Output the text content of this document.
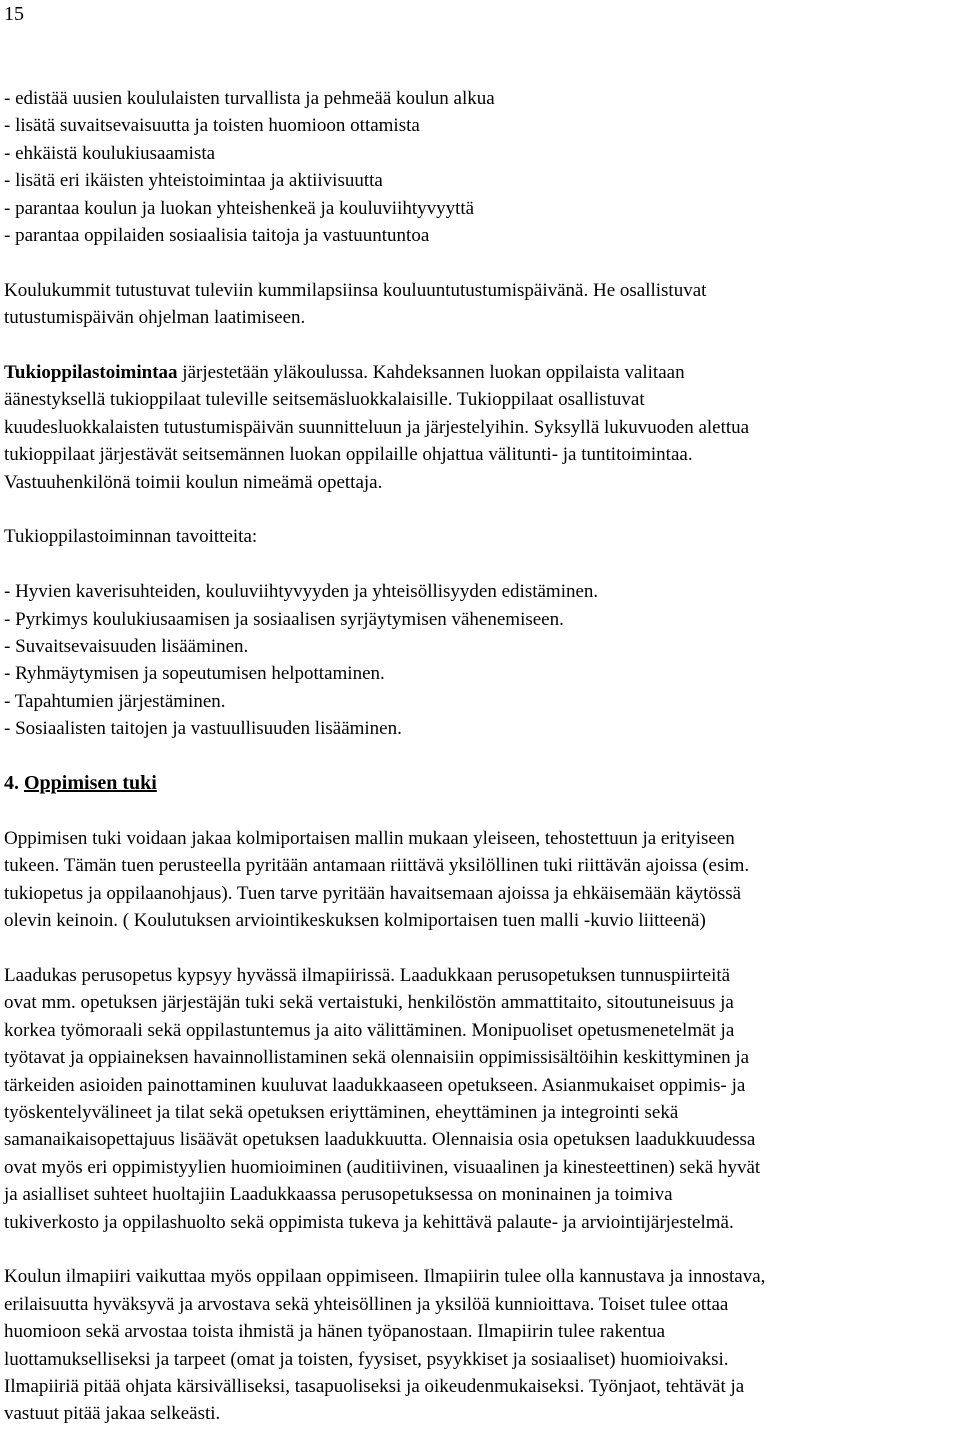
15
- edistää uusien koululaisten turvallista ja pehmeää koulun alkua
- lisätä suvaitsevaisuutta ja toisten huomioon ottamista
- ehkäistä koulukiusaamista
- lisätä eri ikäisten yhteistoimintaa ja aktiivisuutta
- parantaa koulun ja luokan yhteishenkeä ja kouluviihtyvyyttä
- parantaa oppilaiden sosiaalisia taitoja ja vastuuntuntoa
Koulukummit tutustuvat tuleviin kummilapsiinsa kouluuntutustumispäivänä. He osallistuvat
tutustumispäivän ohjelman laatimiseen.
Tukioppilastoimintaa järjestetään yläkoulussa. Kahdeksannen luokan oppilaista valitaan
äänestyksellä tukioppilaat tuleville seitsemäsluokkalaisille. Tukioppilaat osallistuvat
kuudesluokkalaisten tutustumispäivän suunnitteluun ja järjestelyihin. Syksyllä lukuvuoden alettua
tukioppilaat järjestävät seitsemännen luokan oppilaille ohjattua välitunti- ja tuntitoimintaa.
Vastuuhenkilönä toimii koulun nimeämä opettaja.
Tukioppilastoiminnan tavoitteita:
- Hyvien kaverisuhteiden, kouluviihtyvyyden ja yhteisöllisyyden edistäminen.
- Pyrkimys koulukiusaamisen ja sosiaalisen syrjäytymisen vähenemiseen.
- Suvaitsevaisuuden lisääminen.
- Ryhmäytymisen ja sopeutumisen helpottaminen.
- Tapahtumien järjestäminen.
- Sosiaalisten taitojen ja vastuullisuuden lisääminen.
4. Oppimisen tuki
Oppimisen tuki voidaan jakaa kolmiportaisen mallin mukaan yleiseen, tehostettuun ja erityiseen
tukeen. Tämän tuen perusteella pyritään antamaan riittävä yksilöllinen tuki riittävän ajoissa (esim.
tukiopetus ja oppilaanohjaus). Tuen tarve pyritään havaitsemaan ajoissa ja ehkäisemään käytössä
olevin keinoin. ( Koulutuksen arviointikeskuksen kolmiportaisen tuen malli -kuvio liitteenä)
Laadukas perusopetus kypsyy hyvässä ilmapiirissä. Laadukkaan perusopetuksen tunnuspiirteitä
ovat mm. opetuksen järjestäjän tuki sekä vertaistuki, henkilöstön ammattitaito, sitoutuneisuus ja
korkea työmoraali sekä oppilastuntemus ja aito välittäminen. Monipuoliset opetusmenetelmät ja
työtavat ja oppiaineksen havainnollistaminen sekä olennaisiin oppimissisältöihin keskittyminen ja
tärkeiden asioiden painottaminen kuuluvat laadukkaaseen opetukseen. Asianmukaiset oppimis- ja
työskentelyvälineet ja tilat sekä opetuksen eriyttäminen, eheyttäminen ja integrointi sekä
samanaikaisopettajuus lisäävät opetuksen laadukkuutta. Olennaisia osia opetuksen laadukkuudessa
ovat myös eri oppimistyylien huomioiminen (auditiivinen, visuaalinen ja kinesteettinen) sekä hyvät
ja asialliset suhteet huoltajiin Laadukkaassa perusopetuksessa on moninainen ja toimiva
tukiverkosto ja oppilashuolto sekä oppimista tukeva ja kehittävä palaute- ja arviointijärjestelmä.
Koulun ilmapiiri vaikuttaa myös oppilaan oppimiseen. Ilmapiirin tulee olla kannustava ja innostava,
erilaisuutta hyväksyvä ja arvostava sekä yhteisöllinen ja yksilöä kunnioittava. Toiset tulee ottaa
huomioon sekä arvostaa toista ihmistä ja hänen työpanostaan. Ilmapiirin tulee rakentua
luottamukselliseksi ja tarpeet (omat ja toisten, fyysiset, psyykkiset ja sosiaaliset) huomioivaksi.
Ilmapiiriä pitää ohjata kärsivälliseksi, tasapuoliseksi ja oikeudenmukaiseksi. Työnjaot, tehtävät ja
vastuut pitää jakaa selkeästi.
